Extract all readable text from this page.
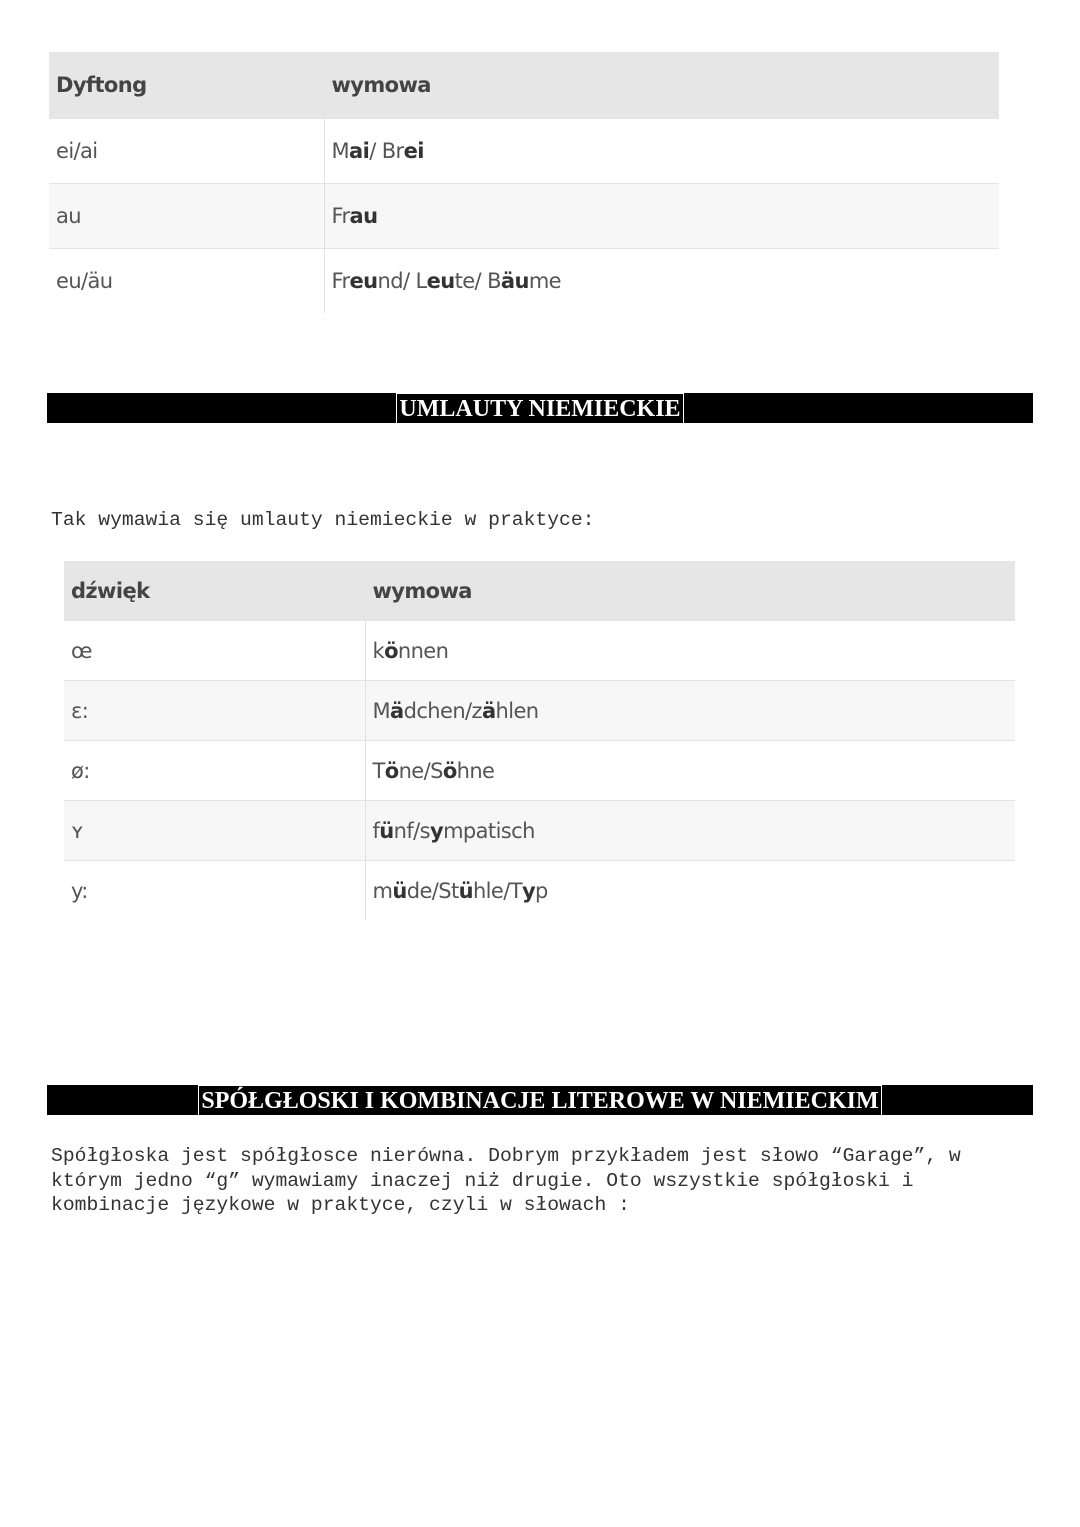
Dyftong	wymowa
ei/ai	Mai/ Brei
au	Frau
eu/äu	Freund/ Leute/ Bäume
UMLAUTY NIEMIECKIE
Tak wymawia się umlauty niemieckie w praktyce:
dźwięk	wymowa
œ	können
ɛ:	Mädchen/zählen
ø:	Töne/Söhne
ʏ	fünf/sympatisch
y:	müde/Stühle/Typ
SPÓŁGŁOSKI I KOMBINACJE LITEROWE W NIEMIECKIM
Spółgłoska jest spółgłosce nierówna. Dobrym przykładem jest słowo “Garage”, w którym jedno “g” wymawiamy inaczej niż drugie. Oto wszystkie spółgłoski i kombinacje językowe w praktyce, czyli w słowach :
